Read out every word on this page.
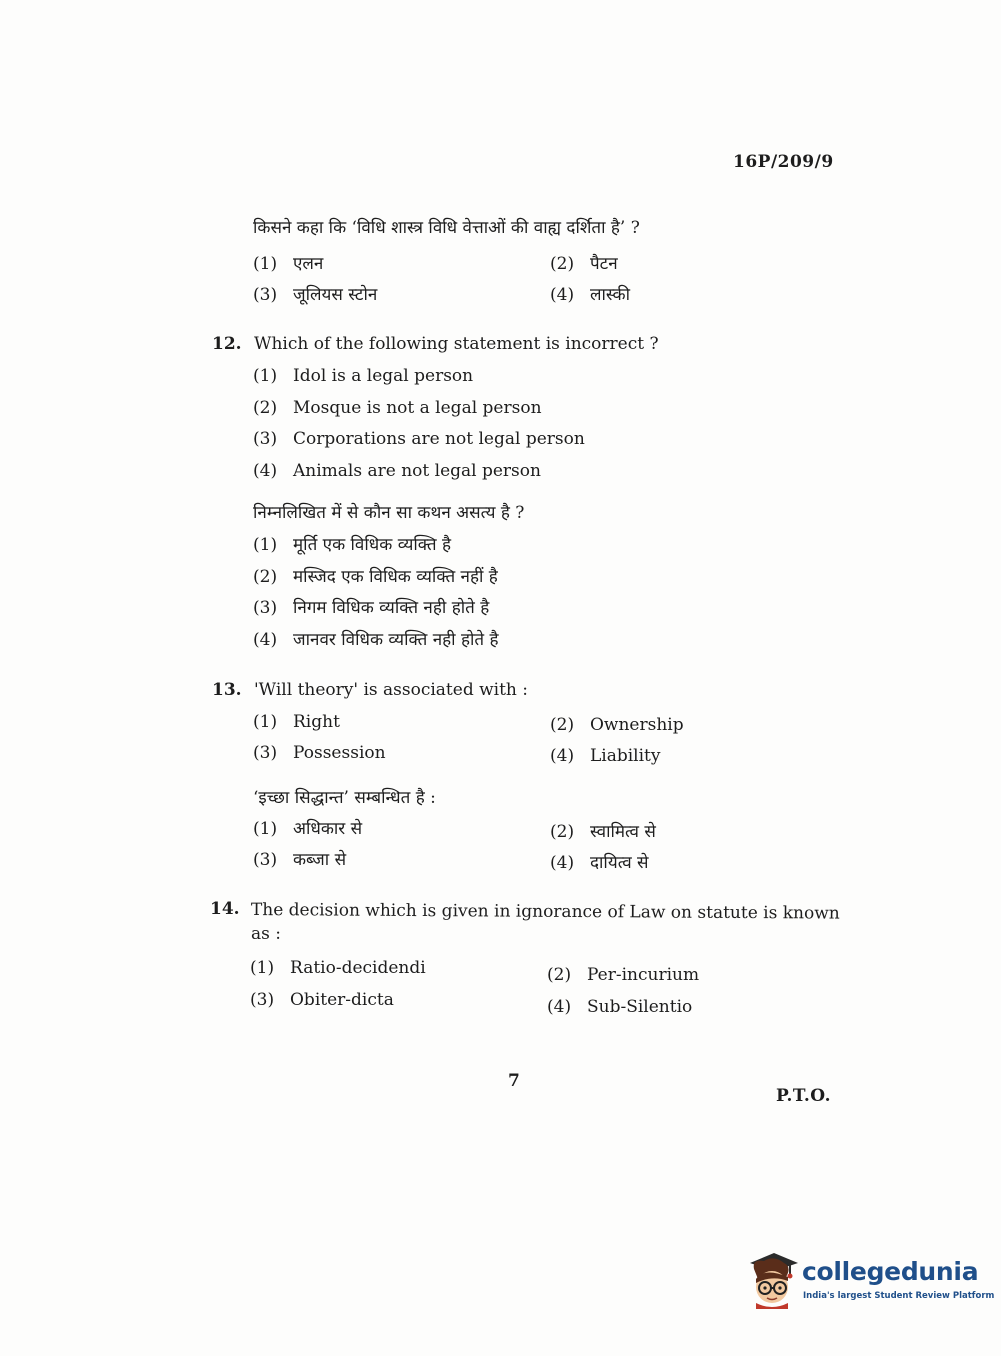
16P/209/9
किसने कहा कि ‘विधि शास्त्र विधि वेत्ताओं की वाह्य दर्शिता है’ ?
(1) एलन	(2) पैटन
(3) जूलियस स्टोन	(4) लास्की
12. Which of the following statement is incorrect ?
(1) Idol is a legal person
(2) Mosque is not a legal person
(3) Corporations are not legal person
(4) Animals are not legal person
निम्नलिखित में से कौन सा कथन असत्य है ?
(1) मूर्ति एक विधिक व्यक्ति है
(2) मस्जिद एक विधिक व्यक्ति नहीं है
(3) निगम विधिक व्यक्ति नही होते है
(4) जानवर विधिक व्यक्ति नही होते है
13. 'Will theory' is associated with :
(1) Right	(2) Ownership
(3) Possession	(4) Liability
‘इच्छा सिद्धान्त’ सम्बन्धित है :
(1) अधिकार से	(2) स्वामित्व से
(3) कब्जा से	(4) दायित्व से
14. The decision which is given in ignorance of Law on statute is known
as :
(1) Ratio-decidendi	(2) Per-incurium
(3) Obiter-dicta	(4) Sub-Silentio
7
P.T.O.
collegedunia
India's largest Student Review Platform
